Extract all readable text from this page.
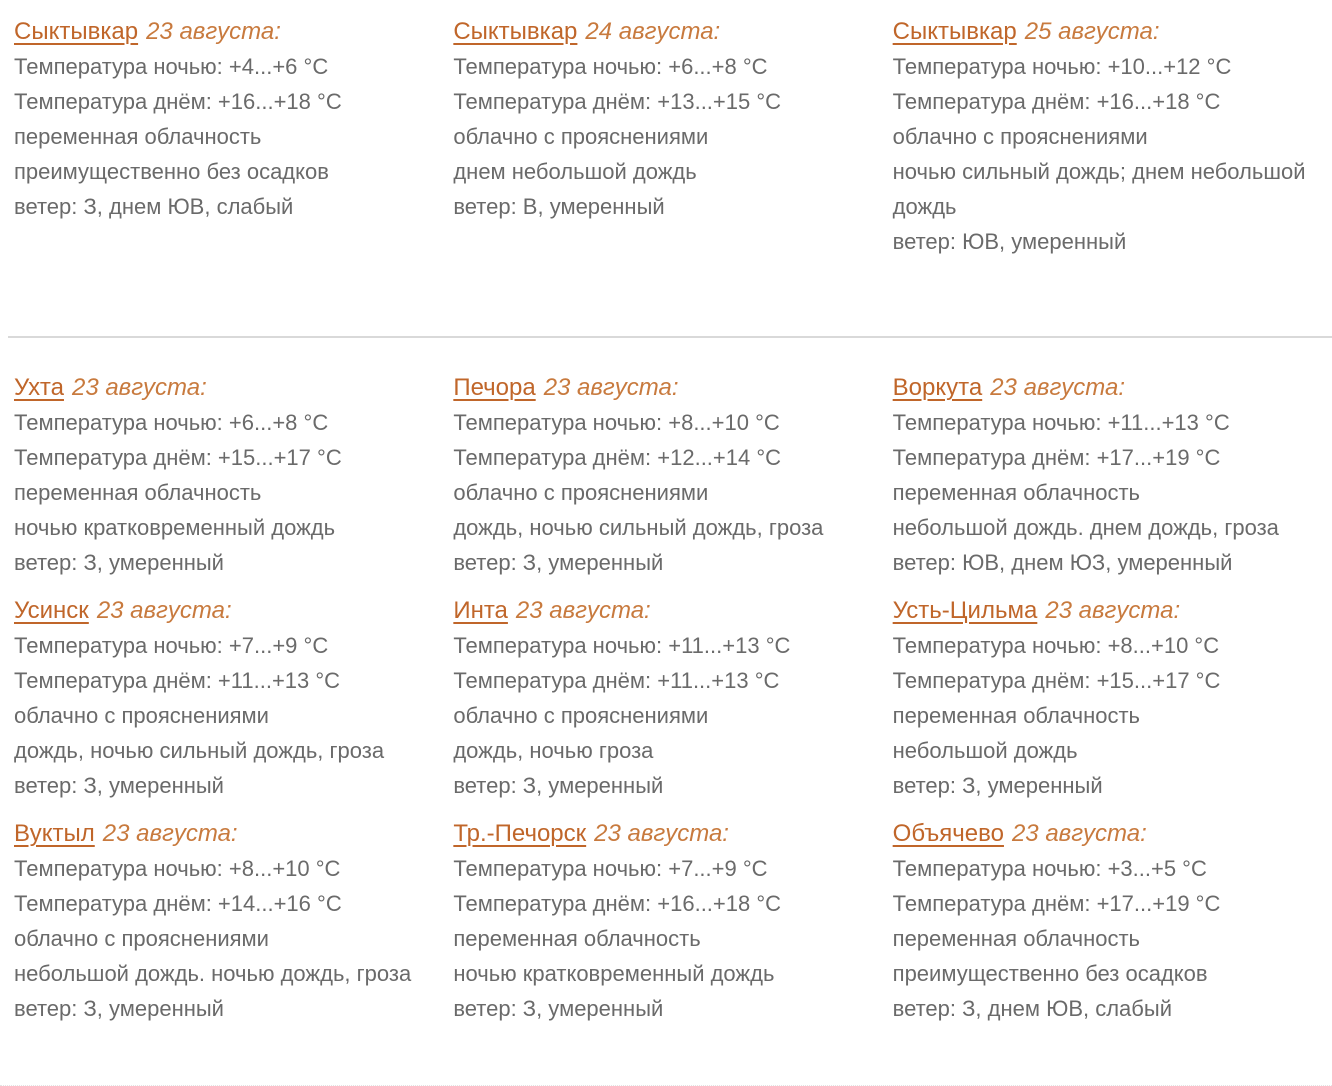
Сыктывкар 23 августа:
Температура ночью: +4...+6 °C
Температура днём: +16...+18 °C
переменная облачность
преимущественно без осадков
ветер: З, днем ЮВ, слабый
Сыктывкар 24 августа:
Температура ночью: +6...+8 °C
Температура днём: +13...+15 °C
облачно с прояснениями
днем небольшой дождь
ветер: В, умеренный
Сыктывкар 25 августа:
Температура ночью: +10...+12 °C
Температура днём: +16...+18 °C
облачно с прояснениями
ночью сильный дождь; днем небольшой дождь
ветер: ЮВ, умеренный
Ухта 23 августа:
Температура ночью: +6...+8 °C
Температура днём: +15...+17 °C
переменная облачность
ночью кратковременный дождь
ветер: З, умеренный
Печора 23 августа:
Температура ночью: +8...+10 °C
Температура днём: +12...+14 °C
облачно с прояснениями
дождь, ночью сильный дождь, гроза
ветер: З, умеренный
Воркута 23 августа:
Температура ночью: +11...+13 °C
Температура днём: +17...+19 °C
переменная облачность
небольшой дождь. днем дождь, гроза
ветер: ЮВ, днем ЮЗ, умеренный
Усинск 23 августа:
Температура ночью: +7...+9 °C
Температура днём: +11...+13 °C
облачно с прояснениями
дождь, ночью сильный дождь, гроза
ветер: З, умеренный
Инта 23 августа:
Температура ночью: +11...+13 °C
Температура днём: +11...+13 °C
облачно с прояснениями
дождь, ночью гроза
ветер: З, умеренный
Усть-Цильма 23 августа:
Температура ночью: +8...+10 °C
Температура днём: +15...+17 °C
переменная облачность
небольшой дождь
ветер: З, умеренный
Вуктыл 23 августа:
Температура ночью: +8...+10 °C
Температура днём: +14...+16 °C
облачно с прояснениями
небольшой дождь. ночью дождь, гроза
ветер: З, умеренный
Тр.-Печорск 23 августа:
Температура ночью: +7...+9 °C
Температура днём: +16...+18 °C
переменная облачность
ночью кратковременный дождь
ветер: З, умеренный
Объячево 23 августа:
Температура ночью: +3...+5 °C
Температура днём: +17...+19 °C
переменная облачность
преимущественно без осадков
ветер: З, днем ЮВ, слабый
